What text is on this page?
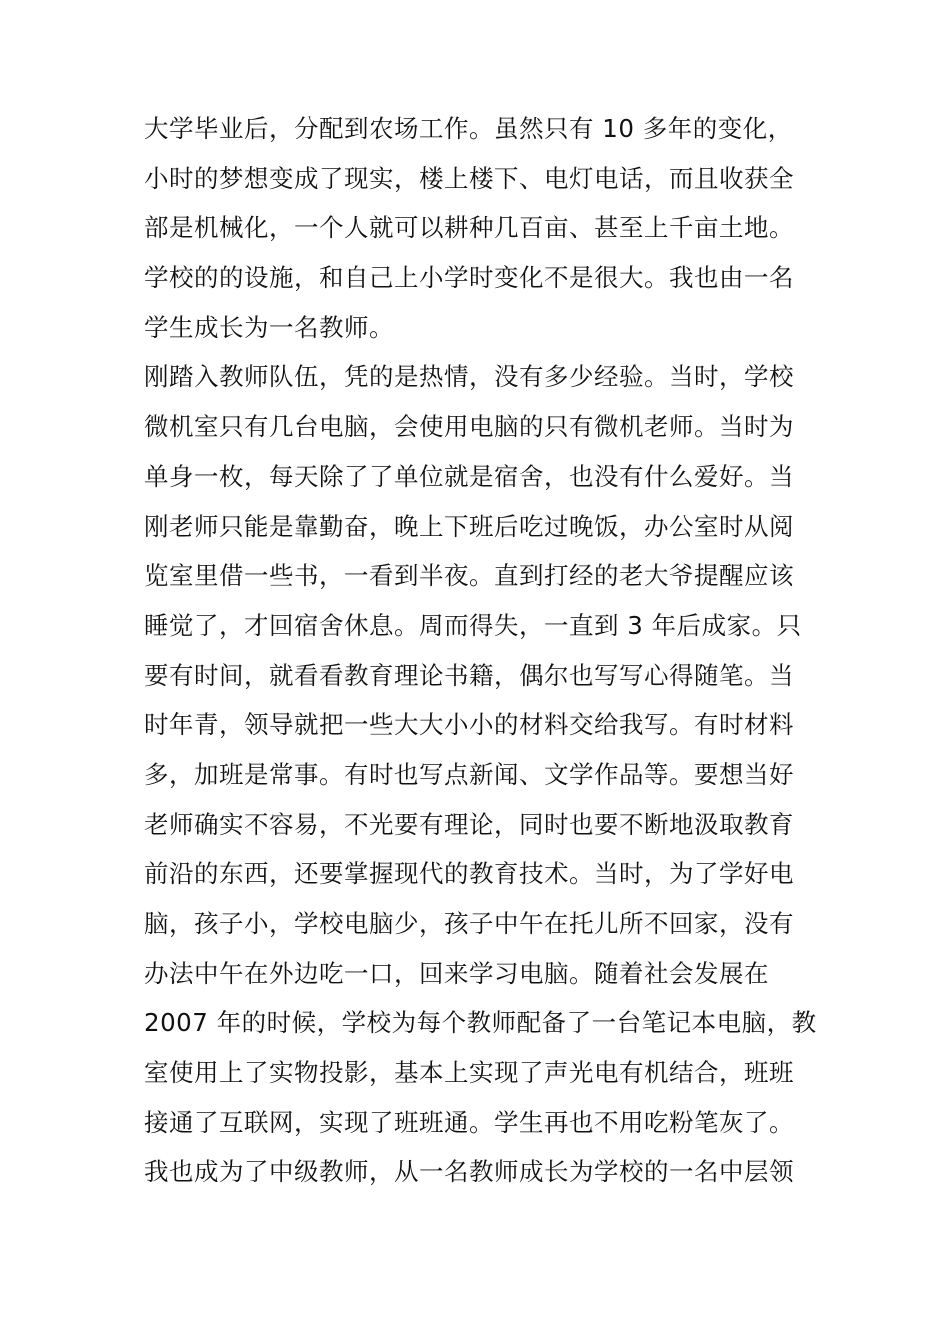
大学毕业后，分配到农场工作。虽然只有 10 多年的变化，
小时的梦想变成了现实，楼上楼下、电灯电话，而且收获全
部是机械化，一个人就可以耕种几百亩、甚至上千亩土地。
学校的的设施，和自己上小学时变化不是很大。我也由一名
学生成长为一名教师。
刚踏入教师队伍，凭的是热情，没有多少经验。当时，学校
微机室只有几台电脑，会使用电脑的只有微机老师。当时为
单身一枚，每天除了了单位就是宿舍，也没有什么爱好。当
刚老师只能是靠勤奋，晚上下班后吃过晚饭，办公室时从阅
览室里借一些书，一看到半夜。直到打经的老大爷提醒应该
睡觉了，才回宿舍休息。周而得失，一直到 3 年后成家。只
要有时间，就看看教育理论书籍，偶尔也写写心得随笔。当
时年青，领导就把一些大大小小的材料交给我写。有时材料
多，加班是常事。有时也写点新闻、文学作品等。要想当好
老师确实不容易，不光要有理论，同时也要不断地汲取教育
前沿的东西，还要掌握现代的教育技术。当时，为了学好电
脑，孩子小，学校电脑少，孩子中午在托儿所不回家，没有
办法中午在外边吃一口，回来学习电脑。随着社会发展在
2007 年的时候，学校为每个教师配备了一台笔记本电脑，教
室使用上了实物投影，基本上实现了声光电有机结合，班班
接通了互联网，实现了班班通。学生再也不用吃粉笔灰了。
我也成为了中级教师，从一名教师成长为学校的一名中层领
